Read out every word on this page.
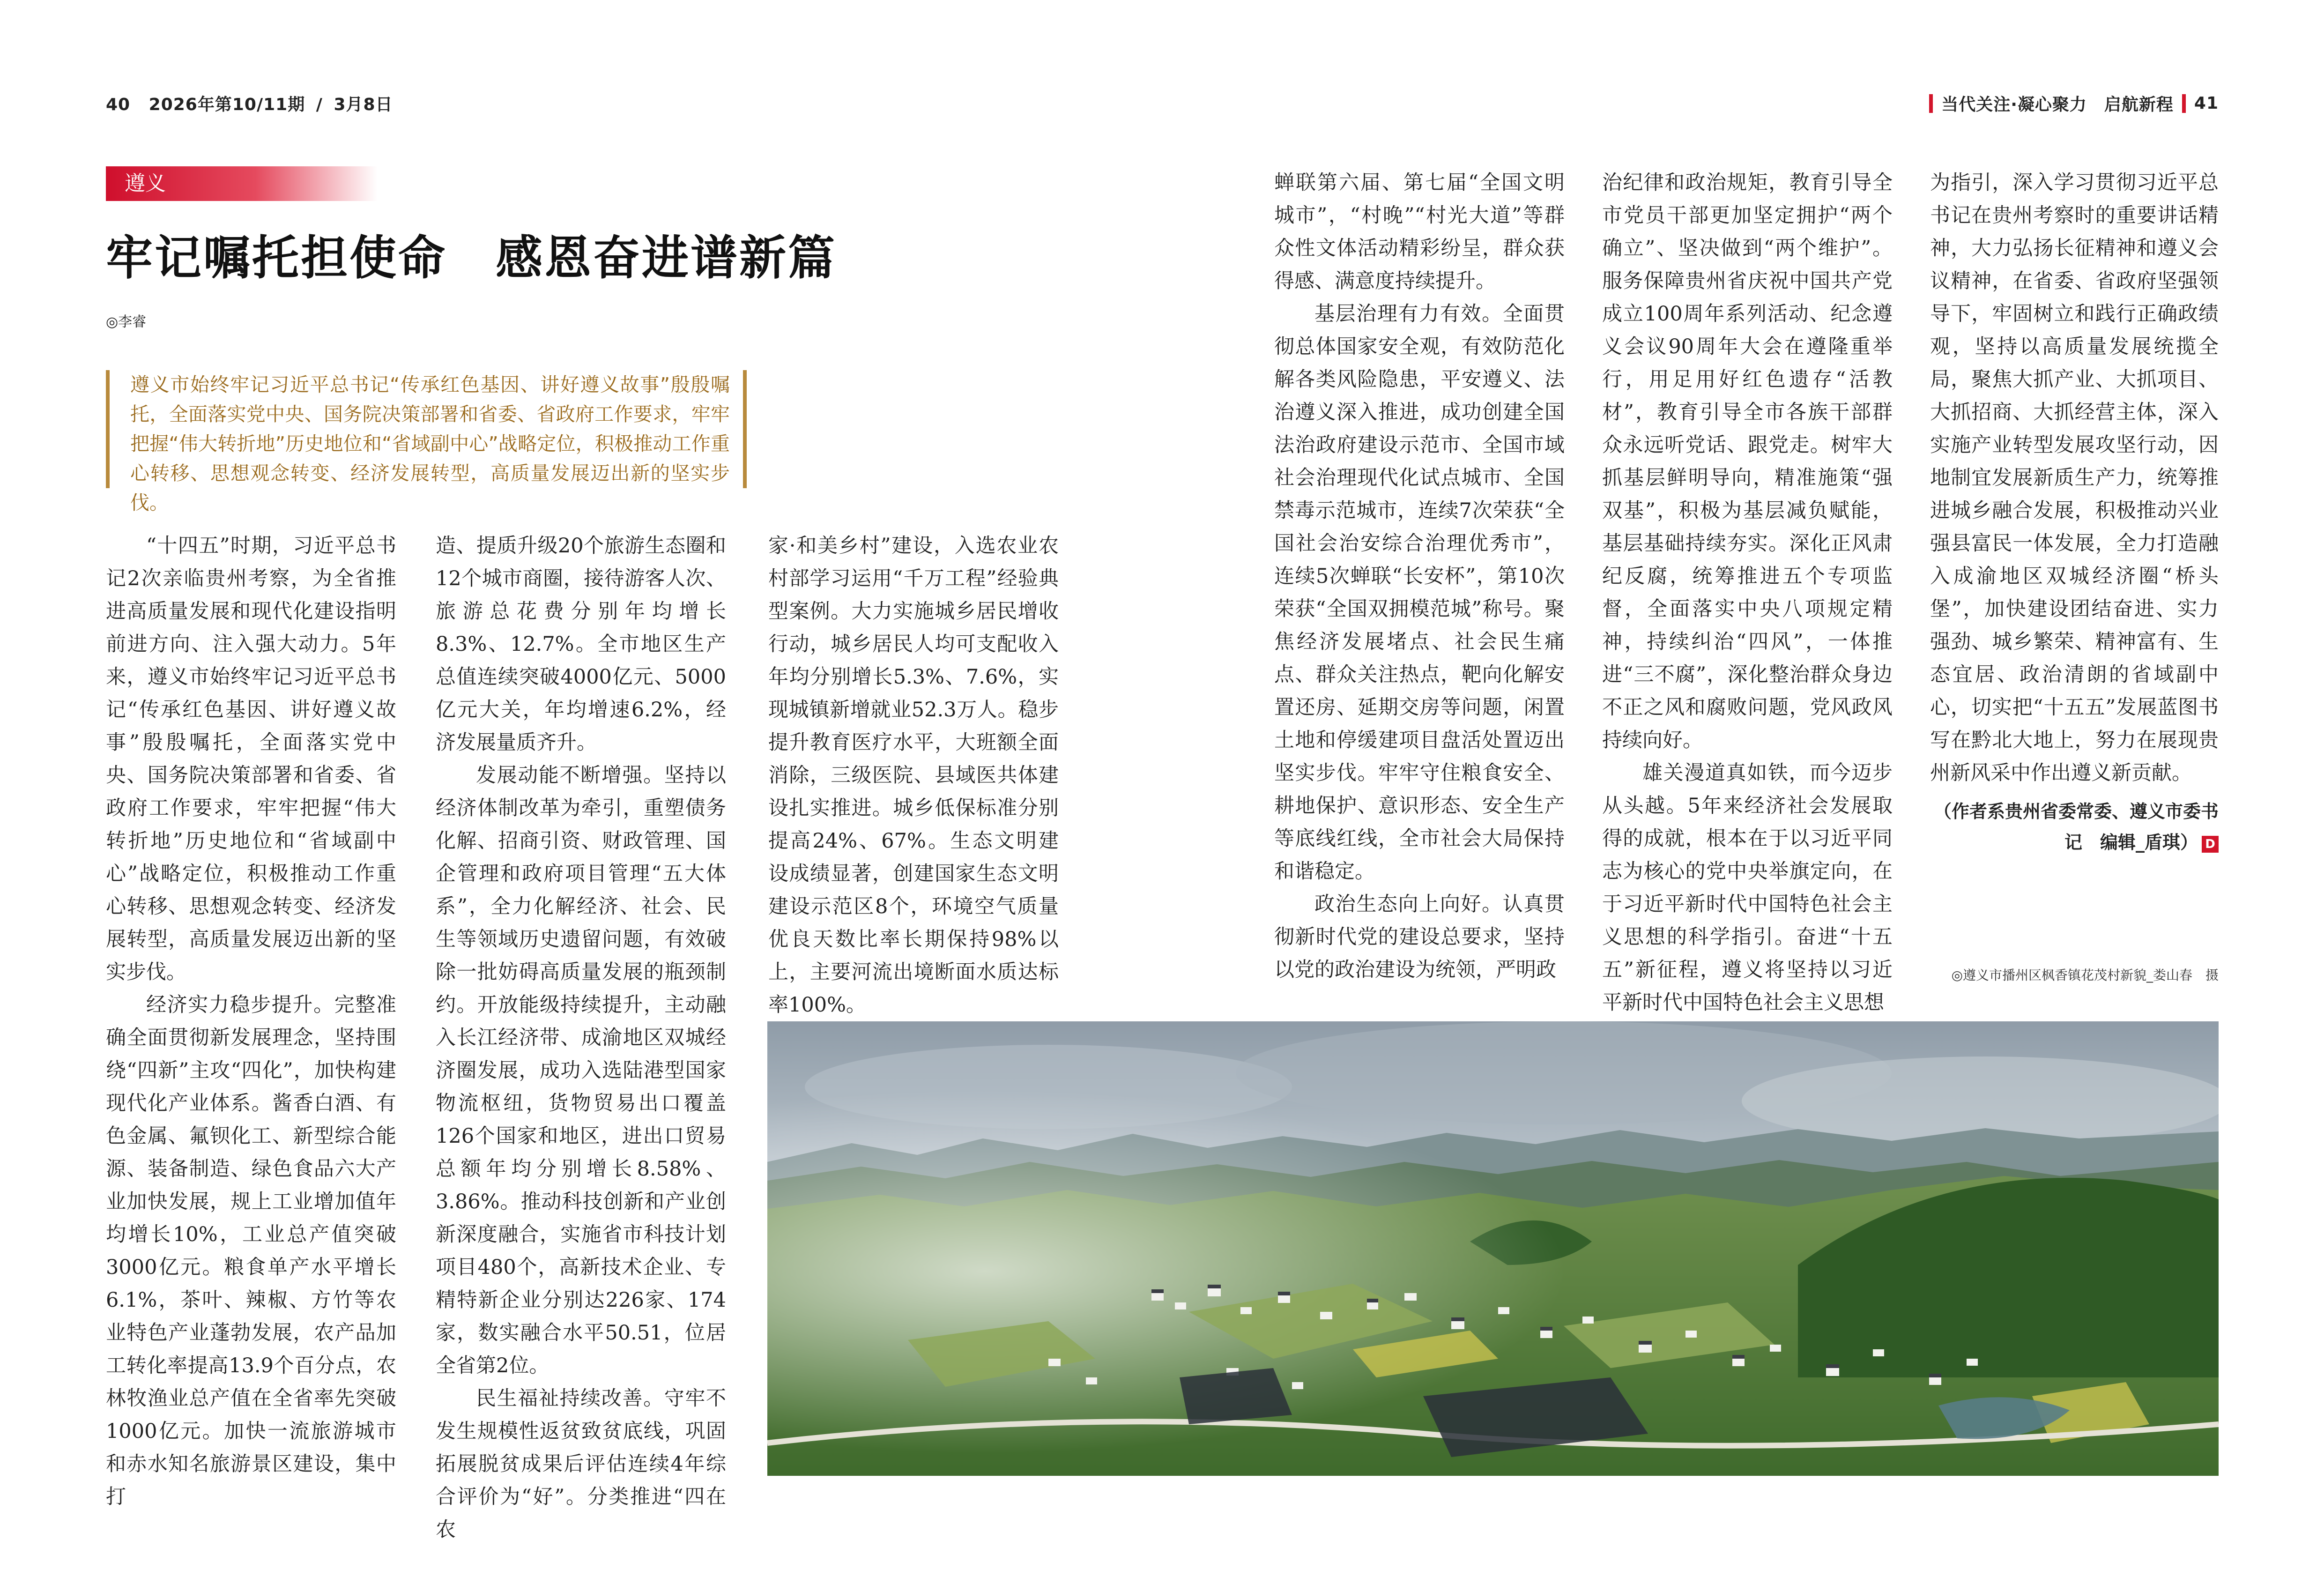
40 2026年第10/11期 / 3月8日	当代关注·凝心聚力　启航新程 41
遵义
牢记嘱托担使命　感恩奋进谱新篇
◎李睿
遵义市始终牢记习近平总书记“传承红色基因、讲好遵义故事”殷殷嘱托，全面落实党中央、国务院决策部署和省委、省政府工作要求，牢牢把握“伟大转折地”历史地位和“省域副中心”战略定位，积极推动工作重心转移、思想观念转变、经济发展转型，高质量发展迈出新的坚实步伐。

“十四五”时期，习近平总书记2次亲临贵州考察，为全省推进高质量发展和现代化建设指明前进方向、注入强大动力。5年来，遵义市始终牢记习近平总书记“传承红色基因、讲好遵义故事”殷殷嘱托，全面落实党中央、国务院决策部署和省委、省政府工作要求，牢牢把握“伟大转折地”历史地位和“省域副中心”战略定位，积极推动工作重心转移、思想观念转变、经济发展转型，高质量发展迈出新的坚实步伐。

经济实力稳步提升。完整准确全面贯彻新发展理念，坚持围绕“四新”主攻“四化”，加快构建现代化产业体系。酱香白酒、有色金属、氟钡化工、新型综合能源、装备制造、绿色食品六大产业加快发展，规上工业增加值年均增长10%，工业总产值突破3000亿元。粮食单产水平增长6.1%，茶叶、辣椒、方竹等农业特色产业蓬勃发展，农产品加工转化率提高13.9个百分点，农林牧渔业总产值在全省率先突破1000亿元。加快一流旅游城市和赤水知名旅游景区建设，集中打

造、提质升级20个旅游生态圈和12个城市商圈，接待游客人次、旅游总花费分别年均增长8.3%、12.7%。全市地区生产总值连续突破4000亿元、5000亿元大关，年均增速6.2%，经济发展量质齐升。

发展动能不断增强。坚持以经济体制改革为牵引，重塑债务化解、招商引资、财政管理、国企管理和政府项目管理“五大体系”，全力化解经济、社会、民生等领域历史遗留问题，有效破除一批妨碍高质量发展的瓶颈制约。开放能级持续提升，主动融入长江经济带、成渝地区双城经济圈发展，成功入选陆港型国家物流枢纽，货物贸易出口覆盖126个国家和地区，进出口贸易总额年均分别增长8.58%、3.86%。推动科技创新和产业创新深度融合，实施省市科技计划项目480个，高新技术企业、专精特新企业分别达226家、174家，数实融合水平50.51，位居全省第2位。

民生福祉持续改善。守牢不发生规模性返贫致贫底线，巩固拓展脱贫成果后评估连续4年综合评价为“好”。分类推进“四在农

家·和美乡村”建设，入选农业农村部学习运用“千万工程”经验典型案例。大力实施城乡居民增收行动，城乡居民人均可支配收入年均分别增长5.3%、7.6%，实现城镇新增就业52.3万人。稳步提升教育医疗水平，大班额全面消除，三级医院、县域医共体建设扎实推进。城乡低保标准分别提高24%、67%。生态文明建设成绩显著，创建国家生态文明建设示范区8个，环境空气质量优良天数比率长期保持98%以上，主要河流出境断面水质达标率100%。

蝉联第六届、第七届“全国文明城市”，“村晚”“村光大道”等群众性文体活动精彩纷呈，群众获得感、满意度持续提升。

基层治理有力有效。全面贯彻总体国家安全观，有效防范化解各类风险隐患，平安遵义、法治遵义深入推进，成功创建全国法治政府建设示范市、全国市域社会治理现代化试点城市、全国禁毒示范城市，连续7次荣获“全国社会治安综合治理优秀市”，连续5次蝉联“长安杯”，第10次荣获“全国双拥模范城”称号。聚焦经济发展堵点、社会民生痛点、群众关注热点，靶向化解安置还房、延期交房等问题，闲置土地和停缓建项目盘活处置迈出坚实步伐。牢牢守住粮食安全、耕地保护、意识形态、安全生产等底线红线，全市社会大局保持和谐稳定。

政治生态向上向好。认真贯彻新时代党的建设总要求，坚持以党的政治建设为统领，严明政

治纪律和政治规矩，教育引导全市党员干部更加坚定拥护“两个确立”、坚决做到“两个维护”。服务保障贵州省庆祝中国共产党成立100周年系列活动、纪念遵义会议90周年大会在遵隆重举行，用足用好红色遗存“活教材”，教育引导全市各族干部群众永远听党话、跟党走。树牢大抓基层鲜明导向，精准施策“强双基”，积极为基层减负赋能，基层基础持续夯实。深化正风肃纪反腐，统筹推进五个专项监督，全面落实中央八项规定精神，持续纠治“四风”，一体推进“三不腐”，深化整治群众身边不正之风和腐败问题，党风政风持续向好。

雄关漫道真如铁，而今迈步从头越。5年来经济社会发展取得的成就，根本在于以习近平同志为核心的党中央举旗定向，在于习近平新时代中国特色社会主义思想的科学指引。奋进“十五五”新征程，遵义将坚持以习近平新时代中国特色社会主义思想

为指引，深入学习贯彻习近平总书记在贵州考察时的重要讲话精神，大力弘扬长征精神和遵义会议精神，在省委、省政府坚强领导下，牢固树立和践行正确政绩观，坚持以高质量发展统揽全局，聚焦大抓产业、大抓项目、大抓招商、大抓经营主体，深入实施产业转型发展攻坚行动，因地制宜发展新质生产力，统筹推进城乡融合发展，积极推动兴业强县富民一体发展，全力打造融入成渝地区双城经济圈“桥头堡”，加快建设团结奋进、实力强劲、城乡繁荣、精神富有、生态宜居、政治清朗的省域副中心，切实把“十五五”发展蓝图书写在黔北大地上，努力在展现贵州新风采中作出遵义新贡献。

（作者系贵州省委常委、遵义市委书记　编辑_盾琪） D

◎遵义市播州区枫香镇花茂村新貌_娄山春　摄
